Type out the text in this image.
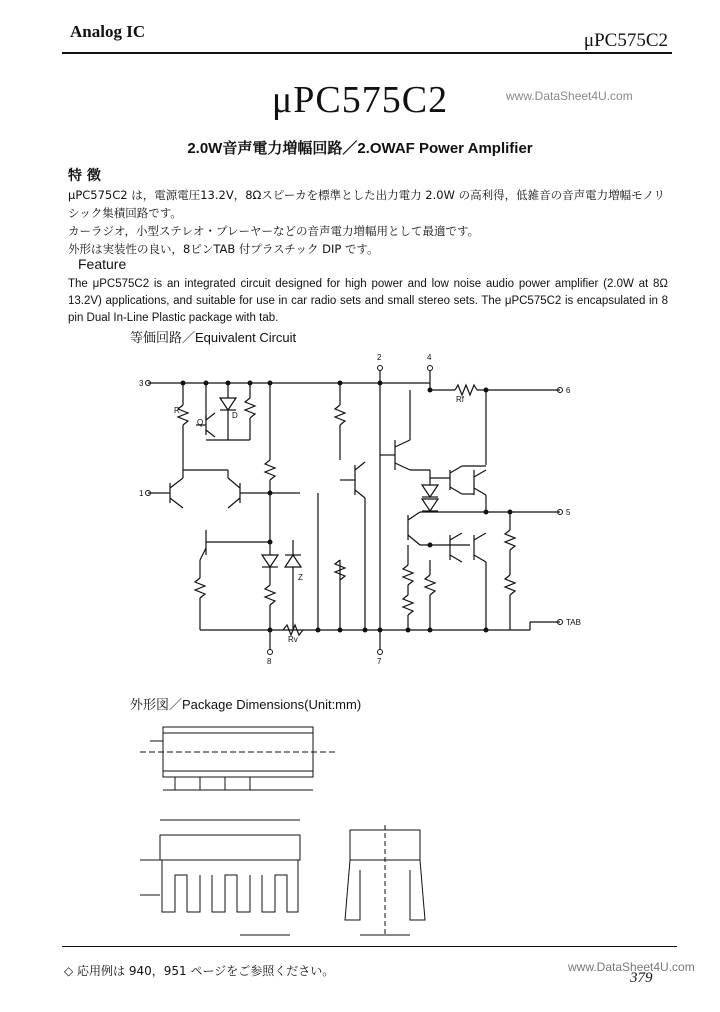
Analog IC	μPC575C2
μPC575C2	www.DataSheet4U.com
2.0W音声電力増幅回路／2.OWAF Power Amplifier
特 徴

μPC575C2 は，電源電圧13.2V，8Ωスピーカを標準とした出力電力 2.0W の高利得，低雑音の音声電力増幅モノリシック集積回路です。

カーラジオ，小型ステレオ・プレーヤーなどの音声電力増幅用として最適です。

外形は実装性の良い，8ピンTAB 付プラスチック DIP です。

Feature
The μPC575C2 is an integrated circuit designed for high power and low noise audio power amplifier (2.0W at 8Ω 13.2V) applications, and suitable for use in car radio sets and small stereo sets. The μPC575C2 is encapsulated in 8 pin Dual In-Line Plastic package with tab.
等価回路／Equivalent Circuit
3
1
2	4
6
5
TAB
8	7
R
Q
D
Z
Rv
Rf
外形図／Package Dimensions(Unit:mm)
◇ 応用例は 940，951 ページをご参照ください。	www.DataSheet4U.com
379
